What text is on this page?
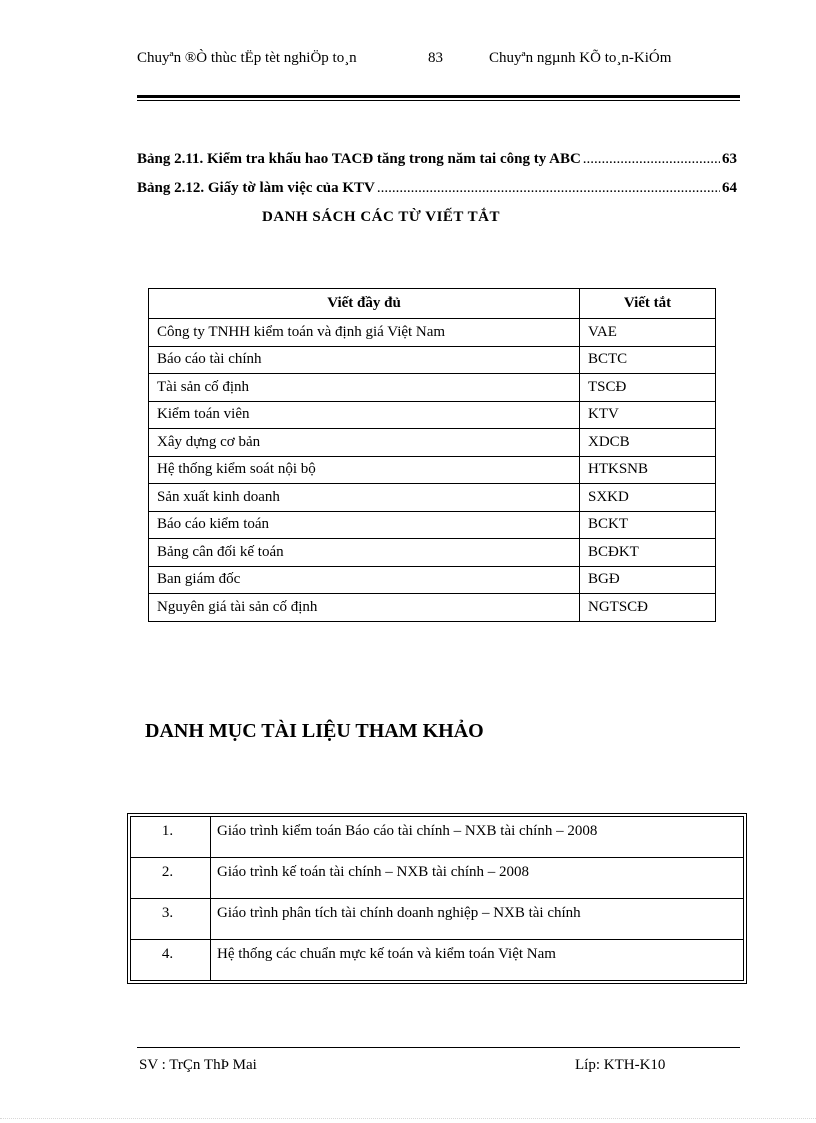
Chuyªn ®Ò thùc tËp tèt nghiÖp to¸n	83	Chuyªn ngµnh KÕ to¸n-KiÓm
Bảng 2.11. Kiểm tra khấu hao TACĐ tăng trong năm tai công ty ABC .....	63
Bảng 2.12. Giấy tờ làm việc của KTV .....	64
DANH SÁCH CÁC TỪ VIẾT TẮT
Viết đầy đủ	Viết tắt
Công ty TNHH kiểm toán và định giá Việt Nam	VAE
Báo cáo tài chính	BCTC
Tài sản cố định	TSCĐ
Kiểm toán viên	KTV
Xây dựng cơ bản	XDCB
Hệ thống kiểm soát nội bộ	HTKSNB
Sản xuất kinh doanh	SXKD
Báo cáo kiểm toán	BCKT
Bảng cân đối kế toán	BCĐKT
Ban giám đốc	BGĐ
Nguyên giá tài sản cố định	NGTSCĐ
DANH MỤC TÀI LIỆU THAM KHẢO
1.	Giáo trình kiểm toán Báo cáo tài chính – NXB tài chính – 2008
2.	Giáo trình kế toán tài chính – NXB tài chính – 2008
3.	Giáo trình phân tích tài chính doanh nghiệp – NXB tài chính
4.	Hệ thống các chuẩn mực kế toán và kiểm toán Việt Nam
SV : TrÇn ThÞ Mai	Líp: KTH-K10
